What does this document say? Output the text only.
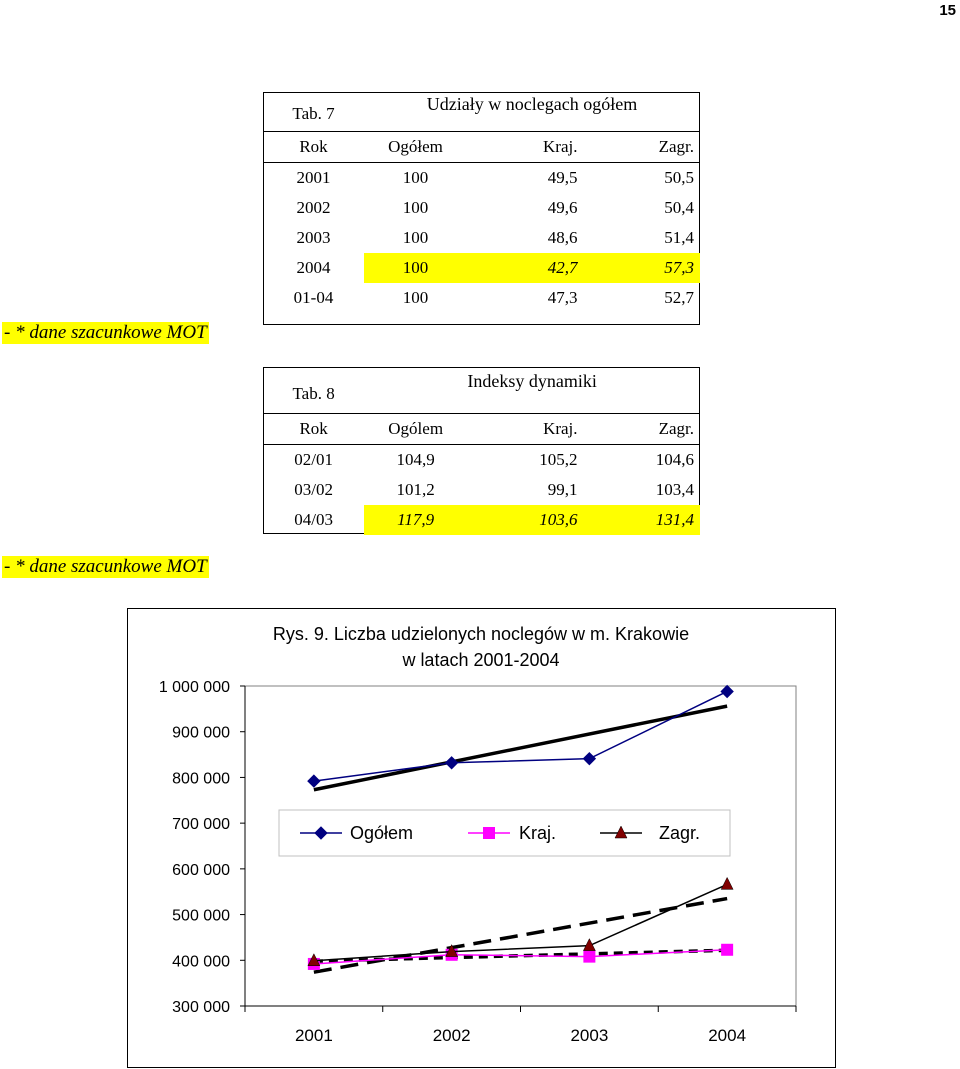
15
Tab. 7	Udziały w noclegach ogółem		
Rok	Ogółem	Kraj.	Zagr.

2001	100	49,5	50,5
2002	100	49,6	50,4
2003	100	48,6	51,4
2004	100	42,7	57,3
01-04	100	47,3	52,7
- * dane szacunkowe MOT
Tab. 8	Indeksy dynamiki		
Rok	Ogólem	Kraj.	Zagr.

02/01	104,9	105,2	104,6
03/02	101,2	99,1	103,4
04/03	117,9	103,6	131,4
- * dane szacunkowe MOT
1 000 000
900 000
800 000
700 000
600 000
500 000
400 000
300 000
2001	2002	2003	2004
Rys. 9. Liczba udzielonych noclegów w m. Krakowie
w latach 2001-2004
Ogółem	Kraj.	Zagr.
